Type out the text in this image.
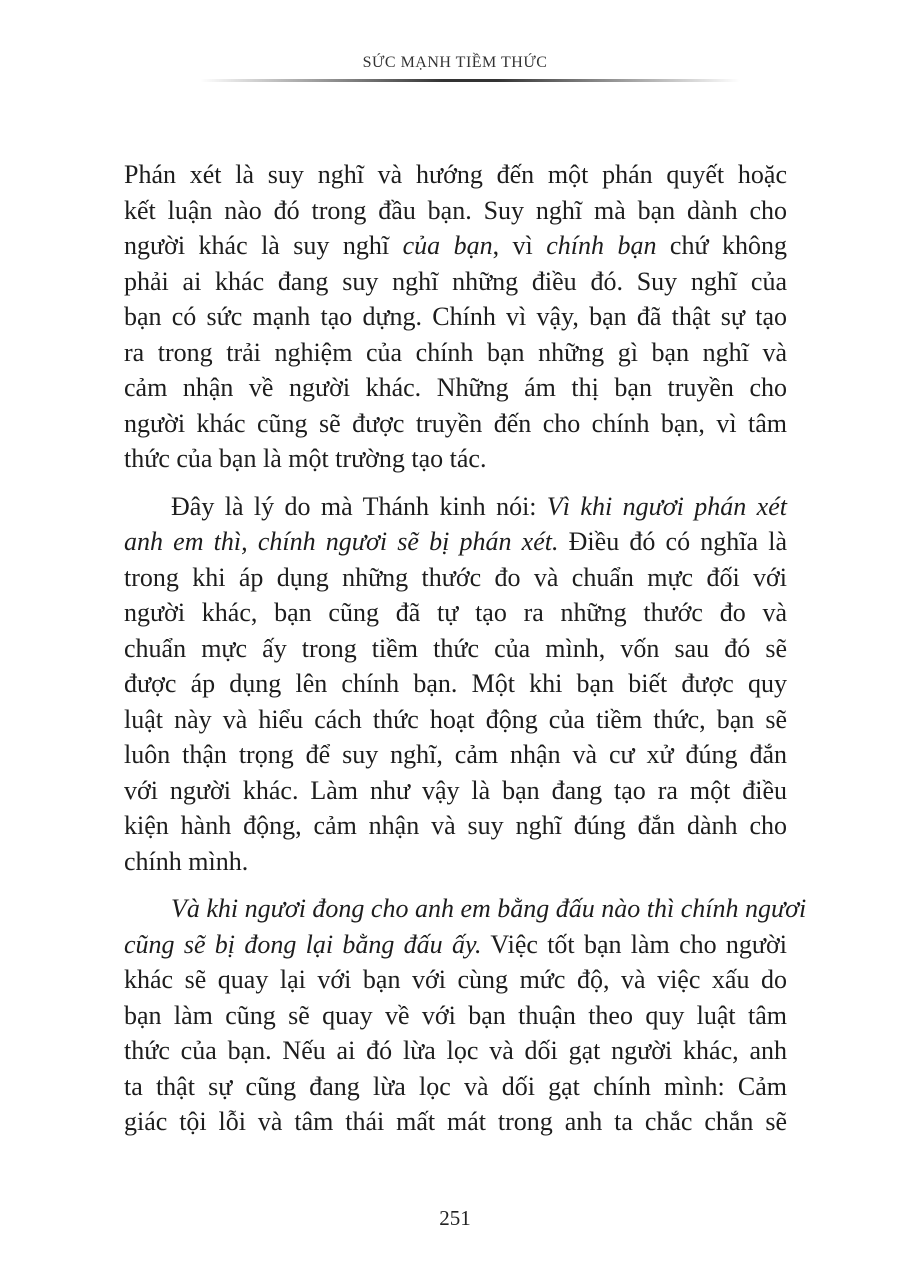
SỨC MẠNH TIỀM THỨC
Phán xét là suy nghĩ và hướng đến một phán quyết hoặc
kết luận nào đó trong đầu bạn. Suy nghĩ mà bạn dành cho
người khác là suy nghĩ của bạn, vì chính bạn chứ không
phải ai khác đang suy nghĩ những điều đó. Suy nghĩ của
bạn có sức mạnh tạo dựng. Chính vì vậy, bạn đã thật sự tạo
ra trong trải nghiệm của chính bạn những gì bạn nghĩ và
cảm nhận về người khác. Những ám thị bạn truyền cho
người khác cũng sẽ được truyền đến cho chính bạn, vì tâm
thức của bạn là một trường tạo tác.
Đây là lý do mà Thánh kinh nói: Vì khi ngươi phán xét
anh em thì, chính ngươi sẽ bị phán xét. Điều đó có nghĩa là
trong khi áp dụng những thước đo và chuẩn mực đối với
người khác, bạn cũng đã tự tạo ra những thước đo và
chuẩn mực ấy trong tiềm thức của mình, vốn sau đó sẽ
được áp dụng lên chính bạn. Một khi bạn biết được quy
luật này và hiểu cách thức hoạt động của tiềm thức, bạn sẽ
luôn thận trọng để suy nghĩ, cảm nhận và cư xử đúng đắn
với người khác. Làm như vậy là bạn đang tạo ra một điều
kiện hành động, cảm nhận và suy nghĩ đúng đắn dành cho
chính mình.
Và khi ngươi đong cho anh em bằng đấu nào thì chính ngươi
cũng sẽ bị đong lại bằng đấu ấy. Việc tốt bạn làm cho người
khác sẽ quay lại với bạn với cùng mức độ, và việc xấu do
bạn làm cũng sẽ quay về với bạn thuận theo quy luật tâm
thức của bạn. Nếu ai đó lừa lọc và dối gạt người khác, anh
ta thật sự cũng đang lừa lọc và dối gạt chính mình: Cảm
giác tội lỗi và tâm thái mất mát trong anh ta chắc chắn sẽ
251
